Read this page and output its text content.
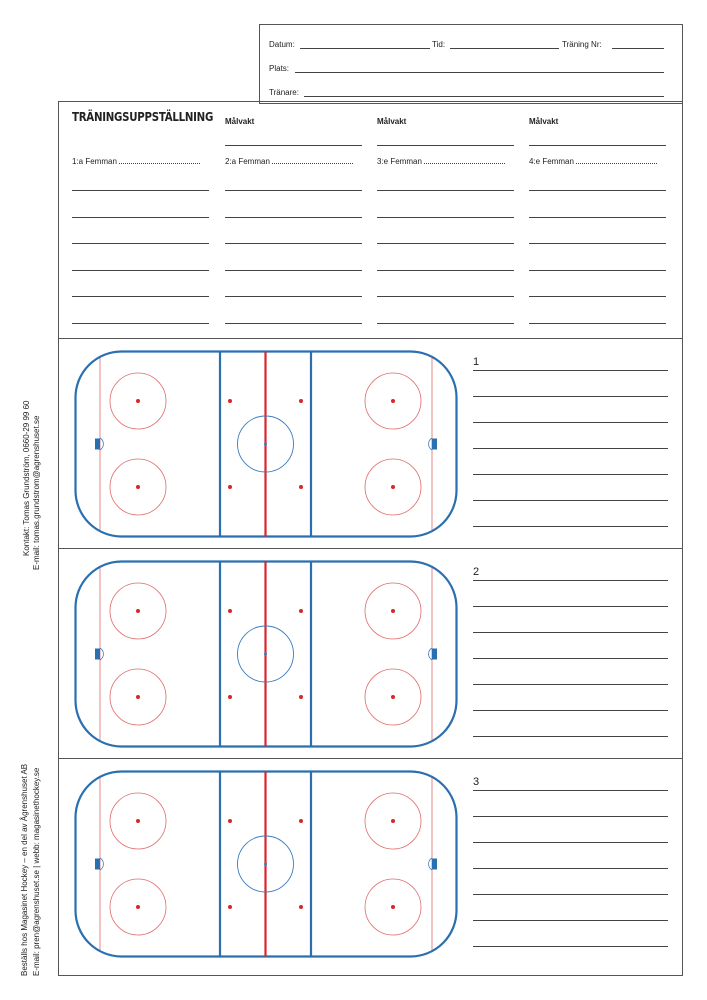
Datum:	Tid:	Träning Nr:
Plats:
Tränare:
TRÄNINGSUPPSTÄLLNING
1:a Femman
Målvakt
2:a Femman
Målvakt
3:e Femman
Målvakt
4:e Femman
1
2
3
Kontakt: Tomas Grundström, 0660-29 99 60 E-mail: tomas.grundstrom@agrenshuset.se
Beställs hos Magasinet Hockey – en del av Ågrenshuset AB E-mail: pren@agrenshuset.se | webb: magasinethockey.se
